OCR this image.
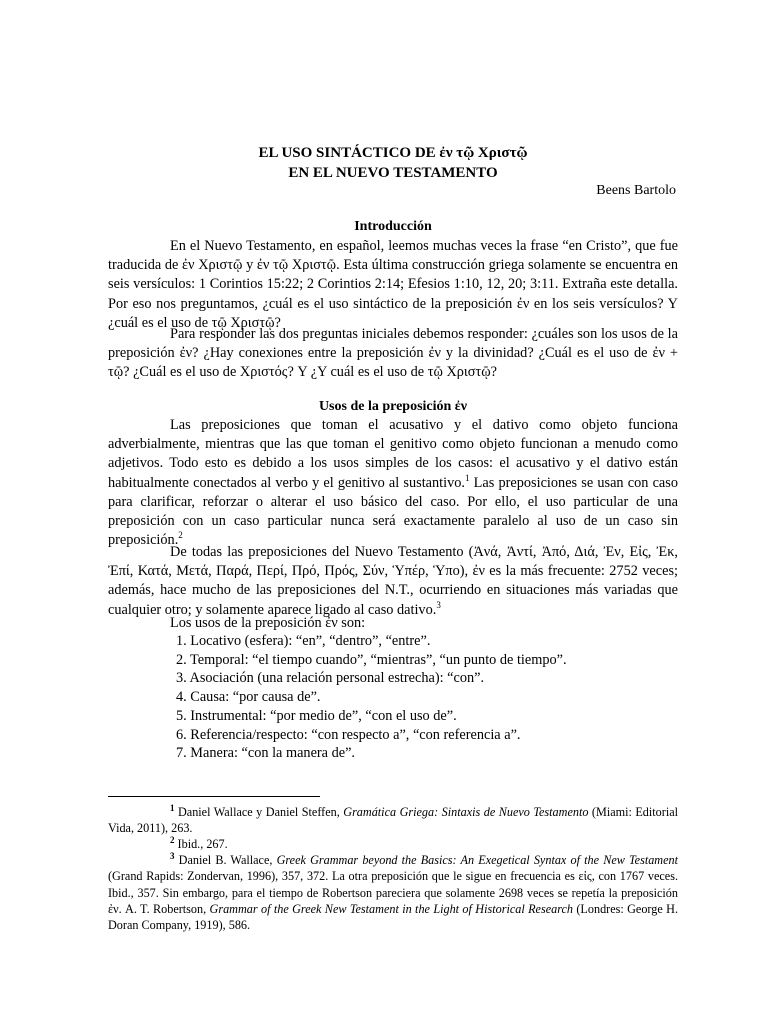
EL USO SINTÁCTICO DE ἐν τῷ Χριστῷ
EN EL NUEVO TESTAMENTO
Beens Bartolo
Introducción

En el Nuevo Testamento, en español, leemos muchas veces la frase “en Cristo”, que fue traducida de ἐν Χριστῷ y ἐν τῷ Χριστῷ. Esta última construcción griega solamente se encuentra en seis versículos: 1 Corintios 15:22; 2 Corintios 2:14; Efesios 1:10, 12, 20; 3:11. Extraña este detalla. Por eso nos preguntamos, ¿cuál es el uso sintáctico de la preposición ἐν en los seis versículos? Y ¿cuál es el uso de τῷ Χριστῷ?

Para responder las dos preguntas iniciales debemos responder: ¿cuáles son los usos de la preposición ἐν? ¿Hay conexiones entre la preposición ἐν y la divinidad? ¿Cuál es el uso de ἐν + τῷ? ¿Cuál es el uso de Χριστός? Y ¿Y cuál es el uso de τῷ Χριστῷ?

Usos de la preposición ἐν

Las preposiciones que toman el acusativo y el dativo como objeto funciona adverbialmente, mientras que las que toman el genitivo como objeto funcionan a menudo como adjetivos. Todo esto es debido a los usos simples de los casos: el acusativo y el dativo están habitualmente conectados al verbo y el genitivo al sustantivo.$^1$ Las preposiciones se usan con caso para clarificar, reforzar o alterar el uso básico del caso. Por ello, el uso particular de una preposición con un caso particular nunca será exactamente paralelo al uso de un caso sin preposición.$^2$

De todas las preposiciones del Nuevo Testamento (Ἀνά, Ἀντί, Ἀπό, Διά, Ἐν, Εἰς, Ἐκ, Ἐπί, Κατά, Μετά, Παρά, Περί, Πρό, Πρός, Σύν, Ὑπέρ, Ὑπο), ἐν es la más frecuente: 2752 veces; además, hace mucho de las preposiciones del N.T., ocurriendo en situaciones más variadas que cualquier otro; y solamente aparece ligado al caso dativo.$^3$

Los usos de la preposición ἐν son:

1. Locativo (esfera): “en”, “dentro”, “entre”.
2. Temporal: “el tiempo cuando”, “mientras”, “un punto de tiempo”.
3. Asociación (una relación personal estrecha): “con”.
4. Causa: “por causa de”.
5. Instrumental: “por medio de”, “con el uso de”.
6. Referencia/respecto: “con respecto a”, “con referencia a”.
7. Manera: “con la manera de”.

$^1$ Daniel Wallace y Daniel Steffen, Gramática Griega: Sintaxis de Nuevo Testamento (Miami: Editorial Vida, 2011), 263.

$^2$ Ibid., 267.

$^3$ Daniel B. Wallace, Greek Grammar beyond the Basics: An Exegetical Syntax of the New Testament (Grand Rapids: Zondervan, 1996), 357, 372. La otra preposición que le sigue en frecuencia es εἰς, con 1767 veces. Ibid., 357. Sin embargo, para el tiempo de Robertson pareciera que solamente 2698 veces se repetía la preposición ἐν. A. T. Robertson, Grammar of the Greek New Testament in the Light of Historical Research (Londres: George H. Doran Company, 1919), 586.
